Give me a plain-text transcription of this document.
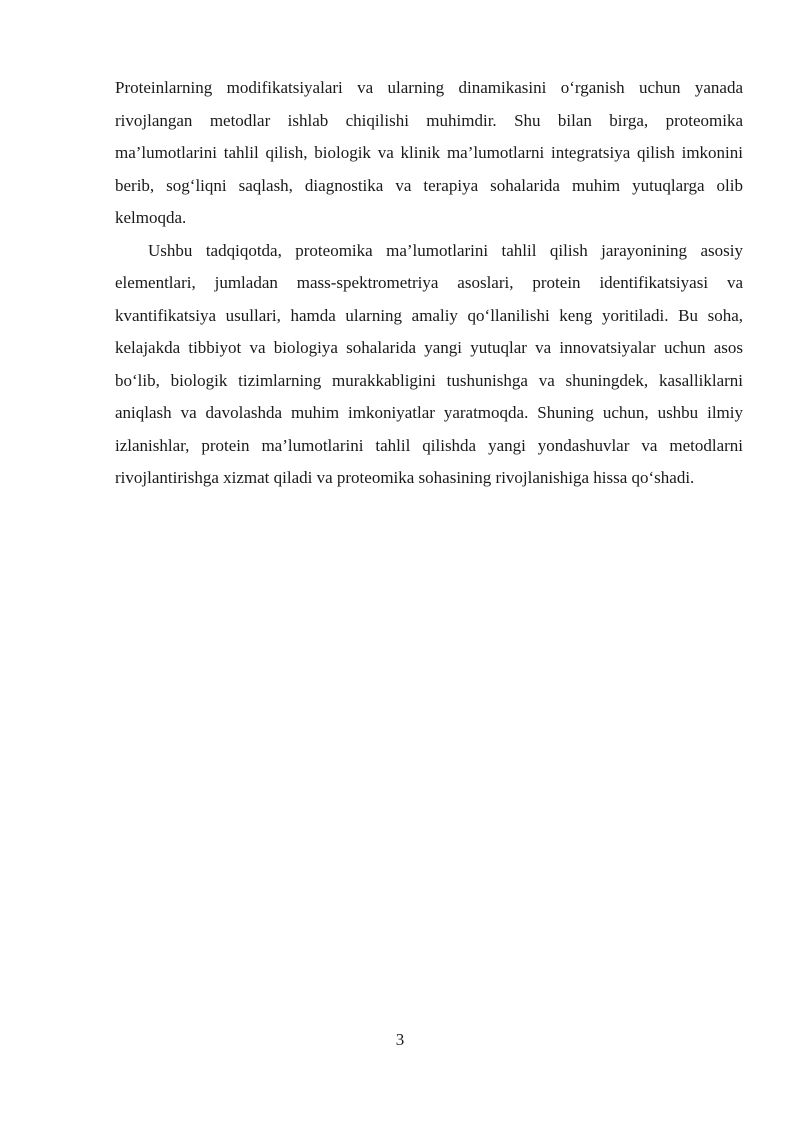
Proteinlarning modifikatsiyalari va ularning dinamikasini o‘rganish uchun yanada rivojlangan metodlar ishlab chiqilishi muhimdir. Shu bilan birga, proteomika ma’lumotlarini tahlil qilish, biologik va klinik ma’lumotlarni integratsiya qilish imkonini berib, sog‘liqni saqlash, diagnostika va terapiya sohalarida muhim yutuqlarga olib kelmoqda.

Ushbu tadqiqotda, proteomika ma’lumotlarini tahlil qilish jarayonining asosiy elementlari, jumladan mass-spektrometriya asoslari, protein identifikatsiyasi va kvantifikatsiya usullari, hamda ularning amaliy qo‘llanilishi keng yoritiladi. Bu soha, kelajakda tibbiyot va biologiya sohalarida yangi yutuqlar va innovatsiyalar uchun asos bo‘lib, biologik tizimlarning murakkabligini tushunishga va shuningdek, kasalliklarni aniqlash va davolashda muhim imkoniyatlar yaratmoqda. Shuning uchun, ushbu ilmiy izlanishlar, protein ma’lumotlarini tahlil qilishda yangi yondashuvlar va metodlarni rivojlantirishga xizmat qiladi va proteomika sohasining rivojlanishiga hissa qo‘shadi.

3
